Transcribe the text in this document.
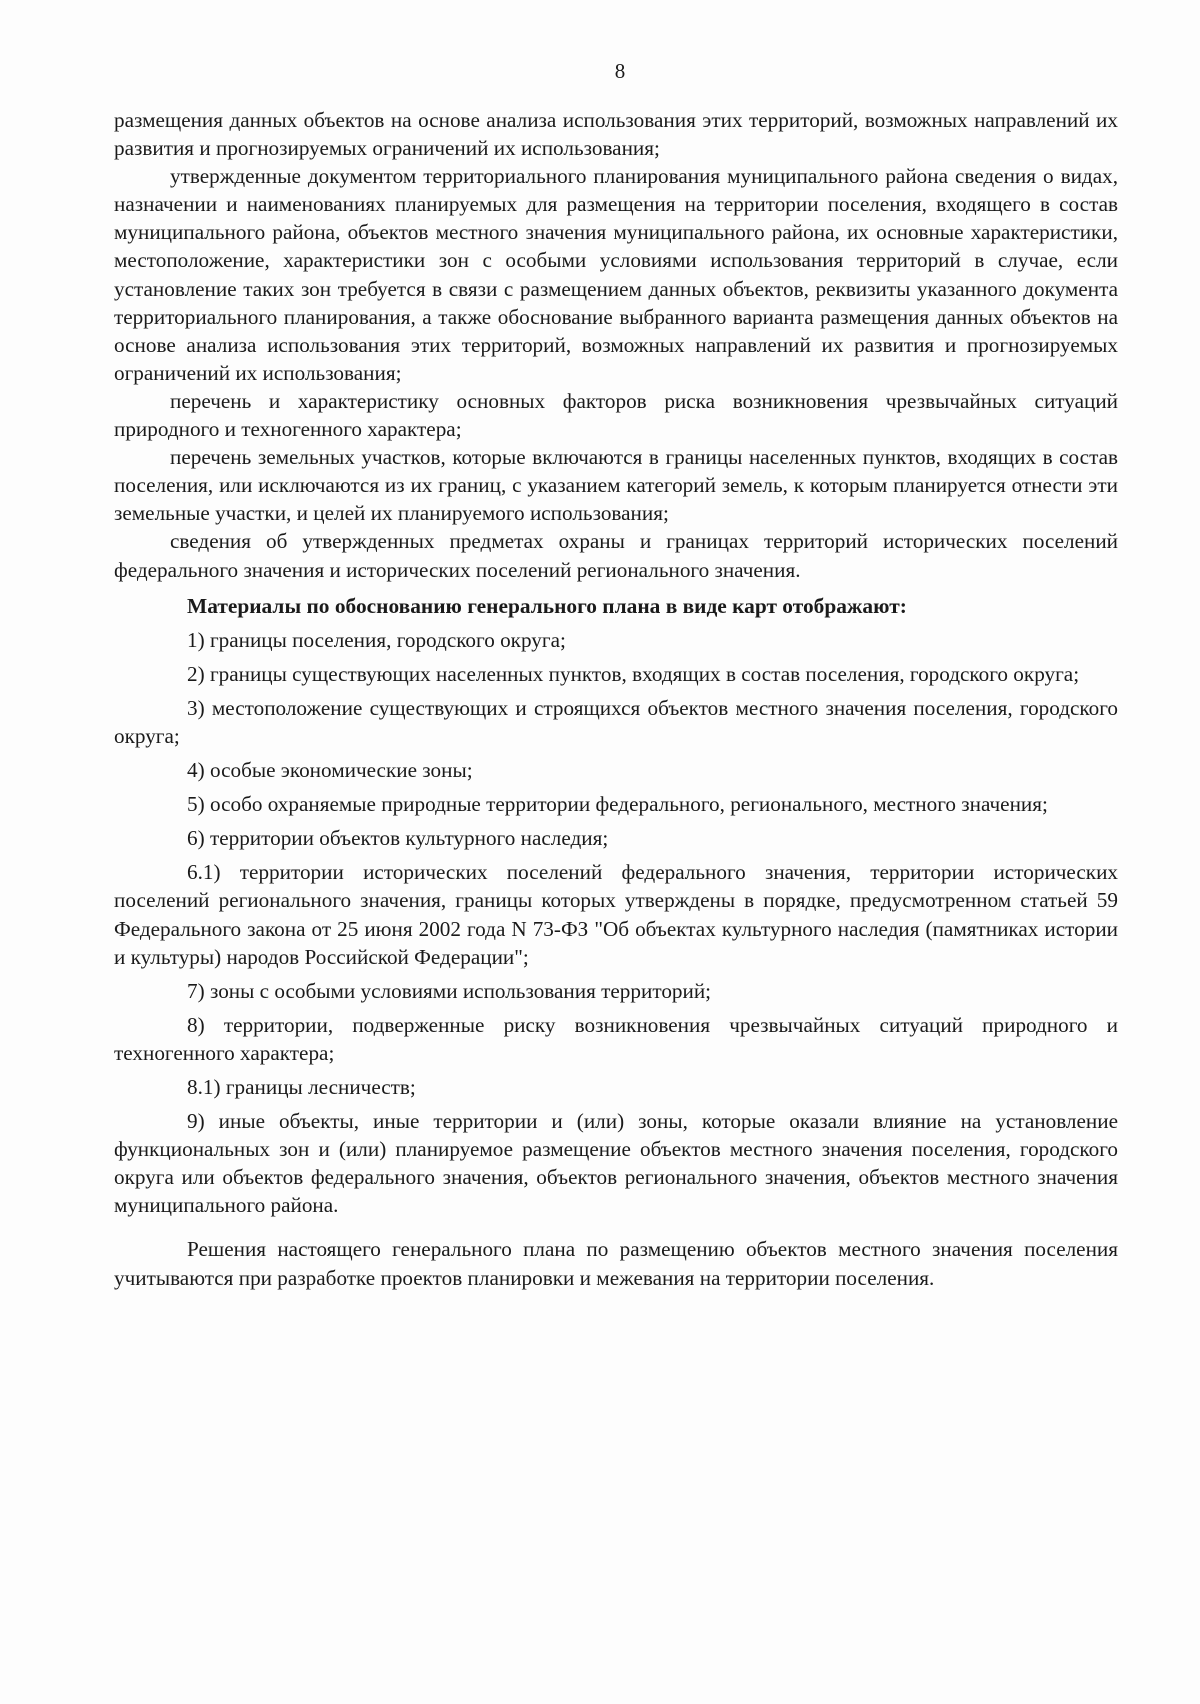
8

размещения данных объектов на основе анализа использования этих территорий, возможных направлений их развития и прогнозируемых ограничений их использования;

утвержденные документом территориального планирования муниципального района сведения о видах, назначении и наименованиях планируемых для размещения на территории поселения, входящего в состав муниципального района, объектов местного значения муниципального района, их основные характеристики, местоположение, характеристики зон с особыми условиями использования территорий в случае, если установление таких зон требуется в связи с размещением данных объектов, реквизиты указанного документа территориального планирования, а также обоснование выбранного варианта размещения данных объектов на основе анализа использования этих территорий, возможных направлений их развития и прогнозируемых ограничений их использования;

перечень и характеристику основных факторов риска возникновения чрезвычайных ситуаций природного и техногенного характера;

перечень земельных участков, которые включаются в границы населенных пунктов, входящих в состав поселения, или исключаются из их границ, с указанием категорий земель, к которым планируется отнести эти земельные участки, и целей их планируемого использования;

сведения об утвержденных предметах охраны и границах территорий исторических поселений федерального значения и исторических поселений регионального значения.

Материалы по обоснованию генерального плана в виде карт отображают:

1) границы поселения, городского округа;

2) границы существующих населенных пунктов, входящих в состав поселения, городского округа;

3) местоположение существующих и строящихся объектов местного значения поселения, городского округа;

4) особые экономические зоны;

5) особо охраняемые природные территории федерального, регионального, местного значения;

6) территории объектов культурного наследия;

6.1) территории исторических поселений федерального значения, территории исторических поселений регионального значения, границы которых утверждены в порядке, предусмотренном статьей 59 Федерального закона от 25 июня 2002 года N 73-ФЗ "Об объектах культурного наследия (памятниках истории и культуры) народов Российской Федерации";

7) зоны с особыми условиями использования территорий;

8) территории, подверженные риску возникновения чрезвычайных ситуаций природного и техногенного характера;

8.1) границы лесничеств;

9) иные объекты, иные территории и (или) зоны, которые оказали влияние на установление функциональных зон и (или) планируемое размещение объектов местного значения поселения, городского округа или объектов федерального значения, объектов регионального значения, объектов местного значения муниципального района.

Решения настоящего генерального плана по размещению объектов местного значения поселения учитываются при разработке проектов планировки и межевания на территории поселения.
